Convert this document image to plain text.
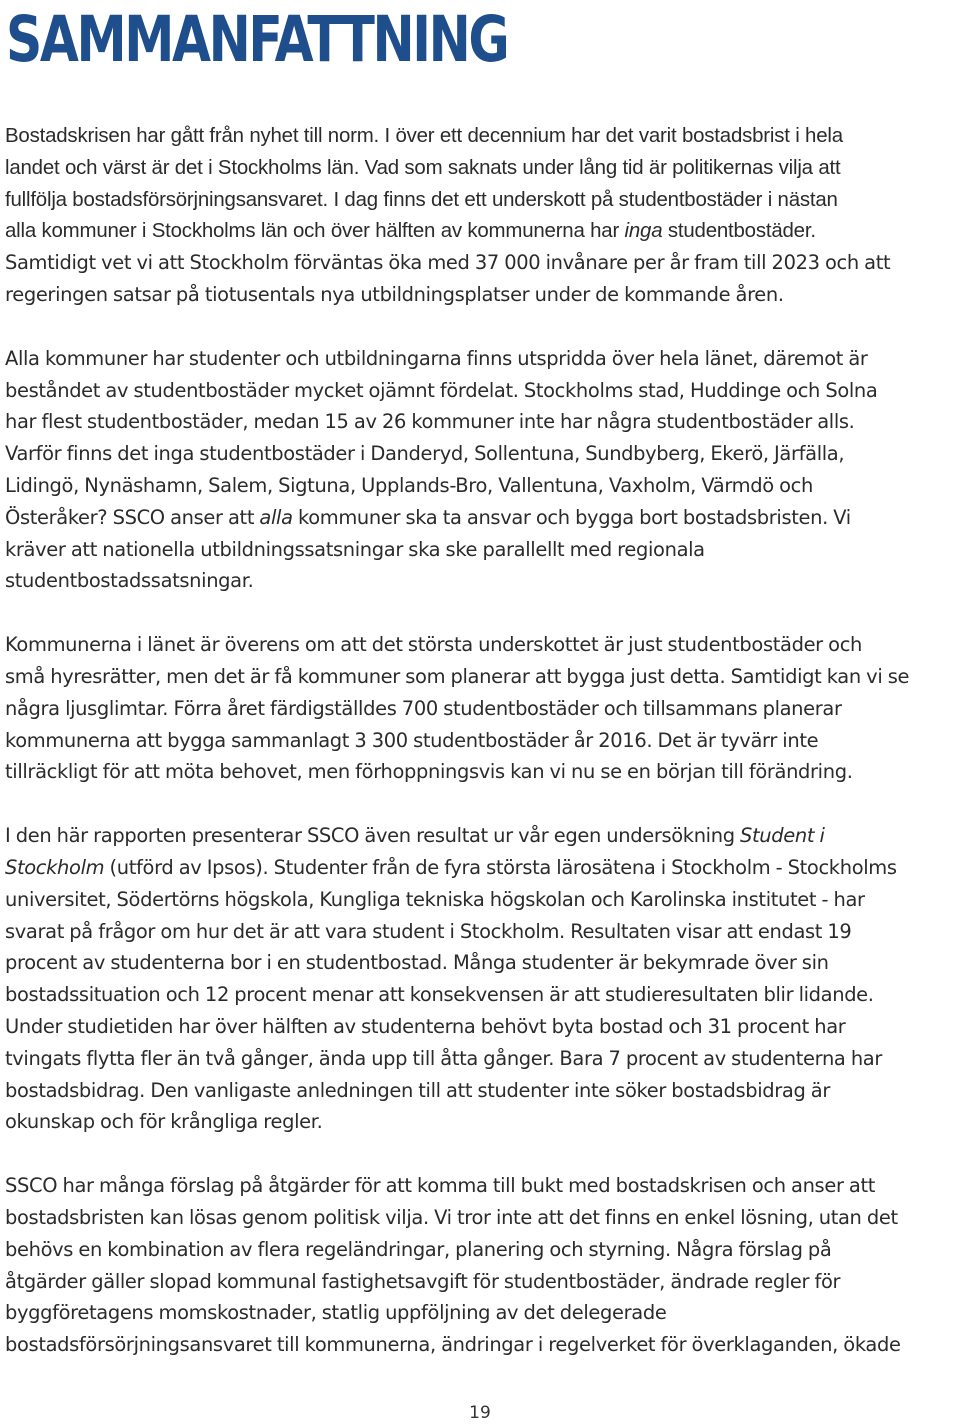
SAMMANFATTNING

Bostadskrisen har gått från nyhet till norm. I över ett decennium har det varit bostadsbrist i hela
landet och värst är det i Stockholms län. Vad som saknats under lång tid är politikernas vilja att
fullfölja bostadsförsörjningsansvaret. I dag finns det ett underskott på studentbostäder i nästan
alla kommuner i Stockholms län och över hälften av kommunerna har inga studentbostäder.
Samtidigt vet vi att Stockholm förväntas öka med 37 000 invånare per år fram till 2023 och att
regeringen satsar på tiotusentals nya utbildningsplatser under de kommande åren.

Alla kommuner har studenter och utbildningarna finns utspridda över hela länet, däremot är
beståndet av studentbostäder mycket ojämnt fördelat. Stockholms stad, Huddinge och Solna
har flest studentbostäder, medan 15 av 26 kommuner inte har några studentbostäder alls.
Varför finns det inga studentbostäder i Danderyd, Sollentuna, Sundbyberg, Ekerö, Järfälla,
Lidingö, Nynäshamn, Salem, Sigtuna, Upplands-Bro, Vallentuna, Vaxholm, Värmdö och
Österåker? SSCO anser att alla kommuner ska ta ansvar och bygga bort bostadsbristen. Vi
kräver att nationella utbildningssatsningar ska ske parallellt med regionala
studentbostadssatsningar.

Kommunerna i länet är överens om att det största underskottet är just studentbostäder och
små hyresrätter, men det är få kommuner som planerar att bygga just detta. Samtidigt kan vi se
några ljusglimtar. Förra året färdigställdes 700 studentbostäder och tillsammans planerar
kommunerna att bygga sammanlagt 3 300 studentbostäder år 2016. Det är tyvärr inte
tillräckligt för att möta behovet, men förhoppningsvis kan vi nu se en början till förändring.

I den här rapporten presenterar SSCO även resultat ur vår egen undersökning Student i
Stockholm (utförd av Ipsos). Studenter från de fyra största lärosätena i Stockholm - Stockholms
universitet, Södertörns högskola, Kungliga tekniska högskolan och Karolinska institutet - har
svarat på frågor om hur det är att vara student i Stockholm. Resultaten visar att endast 19
procent av studenterna bor i en studentbostad. Många studenter är bekymrade över sin
bostadssituation och 12 procent menar att konsekvensen är att studieresultaten blir lidande.
Under studietiden har över hälften av studenterna behövt byta bostad och 31 procent har
tvingats flytta fler än två gånger, ända upp till åtta gånger. Bara 7 procent av studenterna har
bostadsbidrag. Den vanligaste anledningen till att studenter inte söker bostadsbidrag är
okunskap och för krångliga regler.

SSCO har många förslag på åtgärder för att komma till bukt med bostadskrisen och anser att
bostadsbristen kan lösas genom politisk vilja. Vi tror inte att det finns en enkel lösning, utan det
behövs en kombination av flera regeländringar, planering och styrning. Några förslag på
åtgärder gäller slopad kommunal fastighetsavgift för studentbostäder, ändrade regler för
byggföretagens momskostnader, statlig uppföljning av det delegerade
bostadsförsörjningsansvaret till kommunerna, ändringar i regelverket för överklaganden, ökade

19
